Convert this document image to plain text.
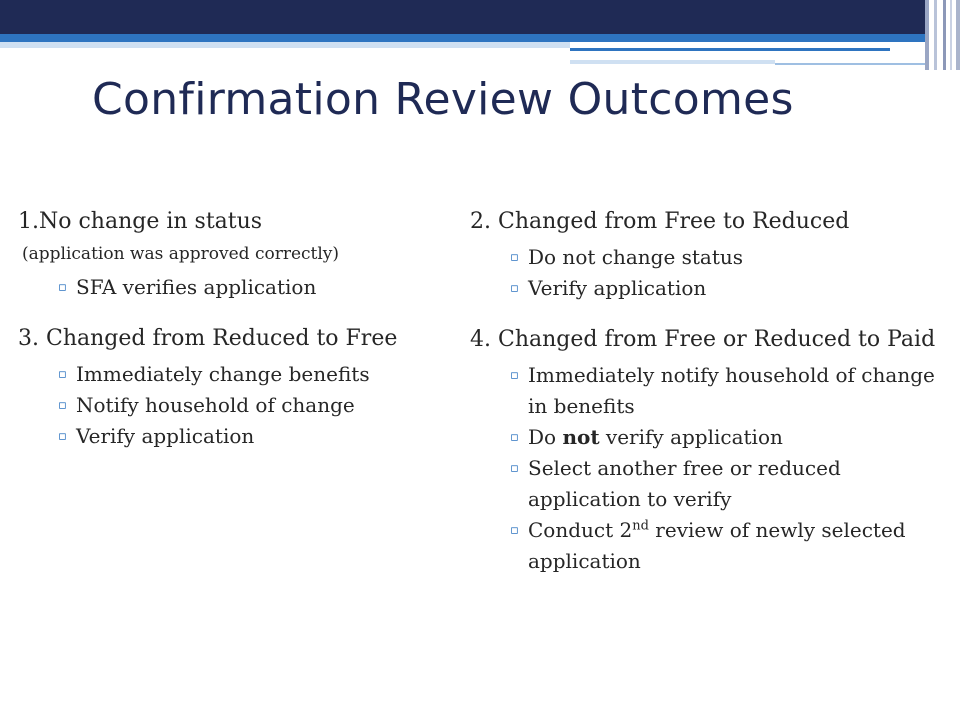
Confirmation Review Outcomes

1.No change in status

(application was approved correctly)

▫ SFA verifies application

3. Changed from Reduced to Free

▫ Immediately change benefits
▫ Notify household of change
▫ Verify application

2. Changed from Free to Reduced

▫ Do not change status
▫ Verify application

4. Changed from Free or Reduced to Paid

▫ Immediately notify household of change in benefits
▫ Do not verify application
▫ Select another free or reduced application to verify
▫ Conduct 2nd review of newly selected application
